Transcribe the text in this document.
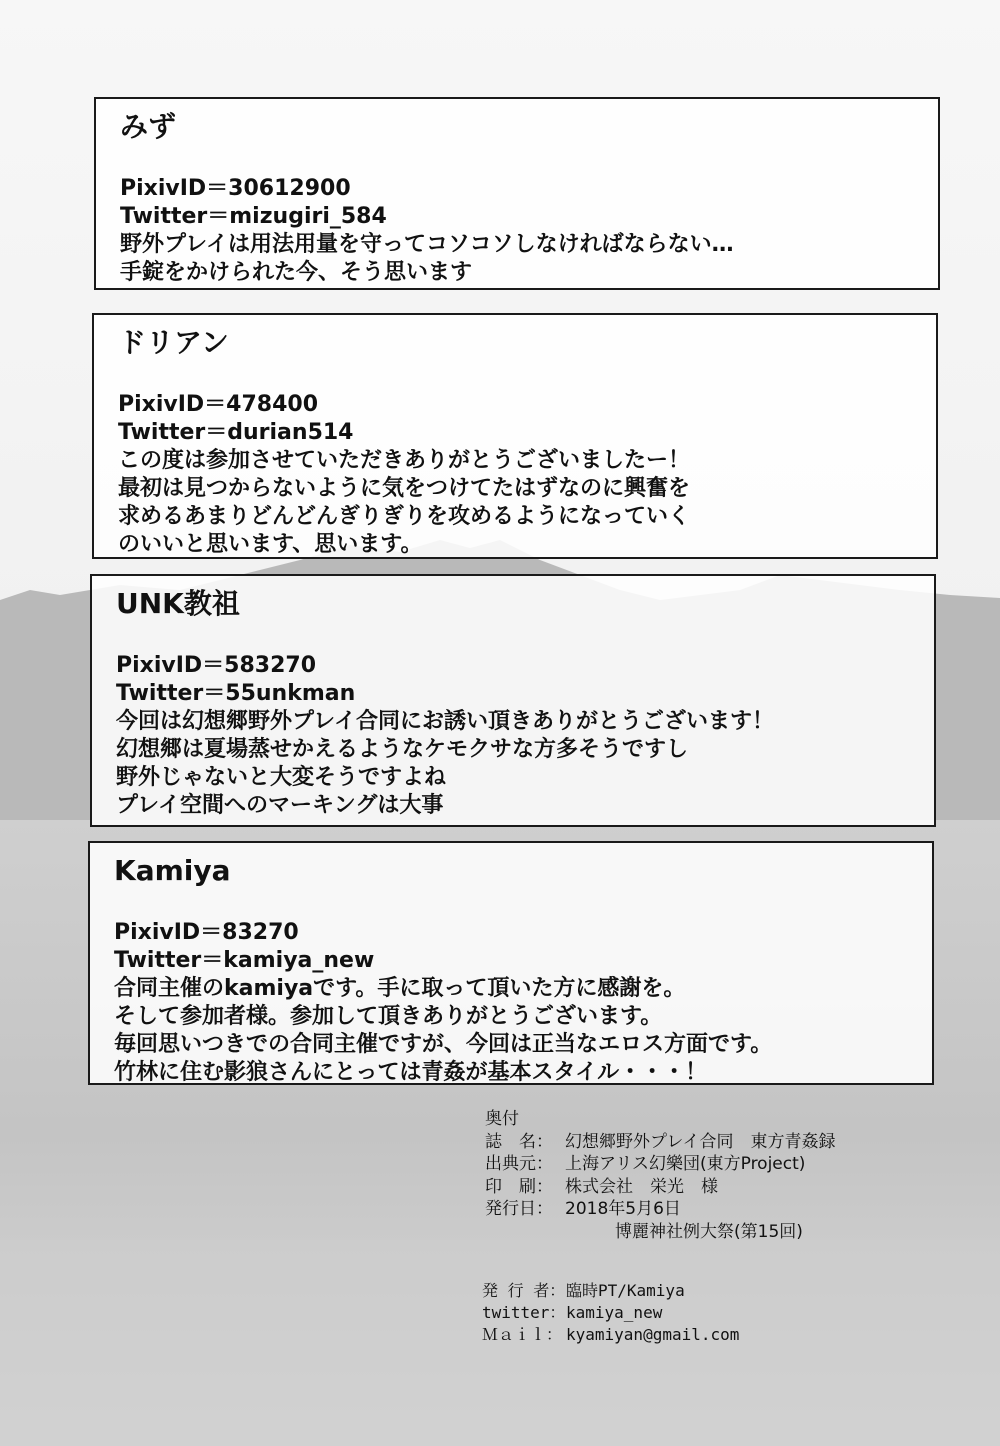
みず
PixivID＝30612900
Twitter＝mizugiri_584
野外プレイは用法用量を守ってコソコソしなければならない…
手錠をかけられた今、そう思います
ドリアン
PixivID＝478400
Twitter＝durian514
この度は参加させていただきありがとうございましたー！
最初は見つからないように気をつけてたはずなのに興奮を
求めるあまりどんどんぎりぎりを攻めるようになっていく
のいいと思います、思います。
UNK教祖
PixivID＝583270
Twitter＝55unkman
今回は幻想郷野外プレイ合同にお誘い頂きありがとうございます！
幻想郷は夏場蒸せかえるようなケモクサな方多そうですし
野外じゃないと大変そうですよね
プレイ空間へのマーキングは大事
Kamiya
PixivID＝83270
Twitter＝kamiya_new
合同主催のkamiyaです。手に取って頂いた方に感謝を。
そして参加者様。参加して頂きありがとうございます。
毎回思いつきでの合同主催ですが、今回は正当なエロス方面です。
竹林に住む影狼さんにとっては青姦が基本スタイル・・・！
奥付
誌　名： 幻想郷野外プレイ合同　東方青姦録
出典元： 上海アリス幻樂団(東方Project)
印　刷： 株式会社　栄光　様
発行日： 2018年5月6日
博麗神社例大祭(第15回)
発 行 者：臨時PT/Kamiya
twitter：kamiya_new
Ｍａｉｌ： kyamiyan@gmail.com
